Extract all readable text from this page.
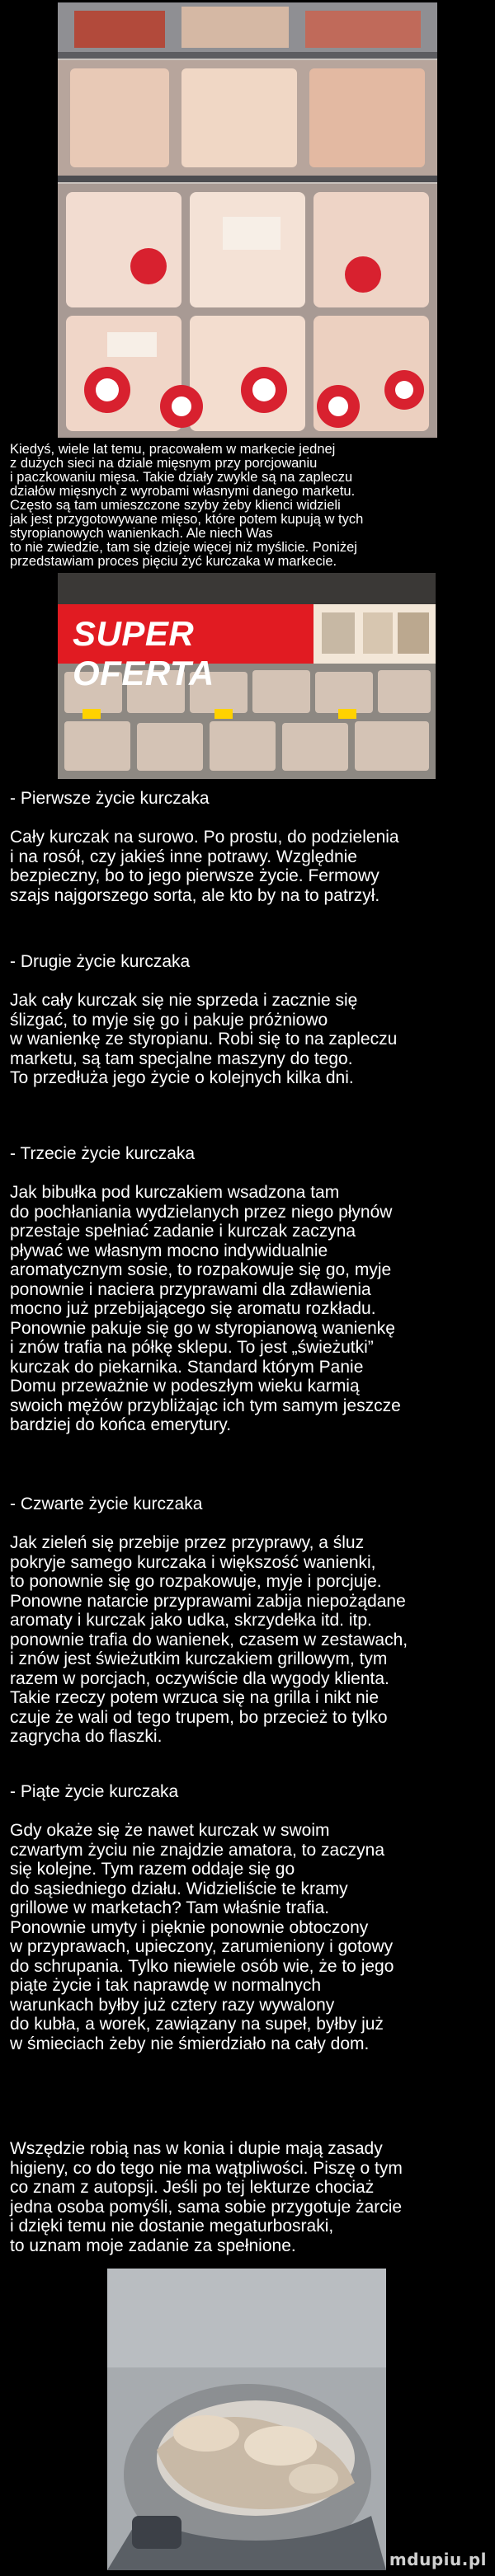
Kiedyś, wiele lat temu, pracowałem w markecie jednej
z dużych sieci na dziale mięsnym przy porcjowaniu
i paczkowaniu mięsa. Takie działy zwykle są na zapleczu
działów mięsnych z wyrobami własnymi danego marketu.
Często są tam umieszczone szyby żeby klienci widzieli
jak jest przygotowywane mięso, które potem kupują w tych
styropianowych wanienkach. Ale niech Was
to nie zwiedzie, tam się dzieje więcej niż myślicie. Poniżej
przedstawiam proces pięciu żyć kurczaka w markecie.
SUPER OFERTA
- Pierwsze życie kurczaka

Cały kurczak na surowo. Po prostu, do podzielenia
i na rosół, czy jakieś inne potrawy. Względnie
bezpieczny, bo to jego pierwsze życie. Fermowy
szajs najgorszego sorta, ale kto by na to patrzył.
- Drugie życie kurczaka

Jak cały kurczak się nie sprzeda i zacznie się
ślizgać, to myje się go i pakuje próżniowo
w wanienkę ze styropianu. Robi się to na zapleczu
marketu, są tam specjalne maszyny do tego.
To przedłuża jego życie o kolejnych kilka dni.
- Trzecie życie kurczaka

Jak bibułka pod kurczakiem wsadzona tam
do pochłaniania wydzielanych przez niego płynów
przestaje spełniać zadanie i kurczak zaczyna
pływać we własnym mocno indywidualnie
aromatycznym sosie, to rozpakowuje się go, myje
ponownie i naciera przyprawami dla zdławienia
mocno już przebijającego się aromatu rozkładu.
Ponownie pakuje się go w styropianową wanienkę
i znów trafia na półkę sklepu. To jest „świeżutki”
kurczak do piekarnika. Standard którym Panie
Domu przeważnie w podeszłym wieku karmią
swoich mężów przybliżając ich tym samym jeszcze
bardziej do końca emerytury.
- Czwarte życie kurczaka

Jak zieleń się przebije przez przyprawy, a śluz
pokryje samego kurczaka i większość wanienki,
to ponownie się go rozpakowuje, myje i porcjuje.
Ponowne natarcie przyprawami zabija niepożądane
aromaty i kurczak jako udka, skrzydełka itd. itp.
ponownie trafia do wanienek, czasem w zestawach,
i znów jest świeżutkim kurczakiem grillowym, tym
razem w porcjach, oczywiście dla wygody klienta.
Takie rzeczy potem wrzuca się na grilla i nikt nie
czuje że wali od tego trupem, bo przecież to tylko
zagrycha do flaszki.
- Piąte życie kurczaka

Gdy okaże się że nawet kurczak w swoim
czwartym życiu nie znajdzie amatora, to zaczyna
się kolejne. Tym razem oddaje się go
do sąsiedniego działu. Widzieliście te kramy
grillowe w marketach? Tam właśnie trafia.
Ponownie umyty i pięknie ponownie obtoczony
w przyprawach, upieczony, zarumieniony i gotowy
do schrupania. Tylko niewiele osób wie, że to jego
piąte życie i tak naprawdę w normalnych
warunkach byłby już cztery razy wywalony
do kubła, a worek, zawiązany na supeł, byłby już
w śmieciach żeby nie śmierdziało na cały dom.
Wszędzie robią nas w konia i dupie mają zasady
higieny, co do tego nie ma wątpliwości. Piszę o tym
co znam z autopsji. Jeśli po tej lekturze chociaż
jedna osoba pomyśli, sama sobie przygotuje żarcie
i dzięki temu nie dostanie megaturbosraki,
to uznam moje zadanie za spełnione.
mdupiu.pl
